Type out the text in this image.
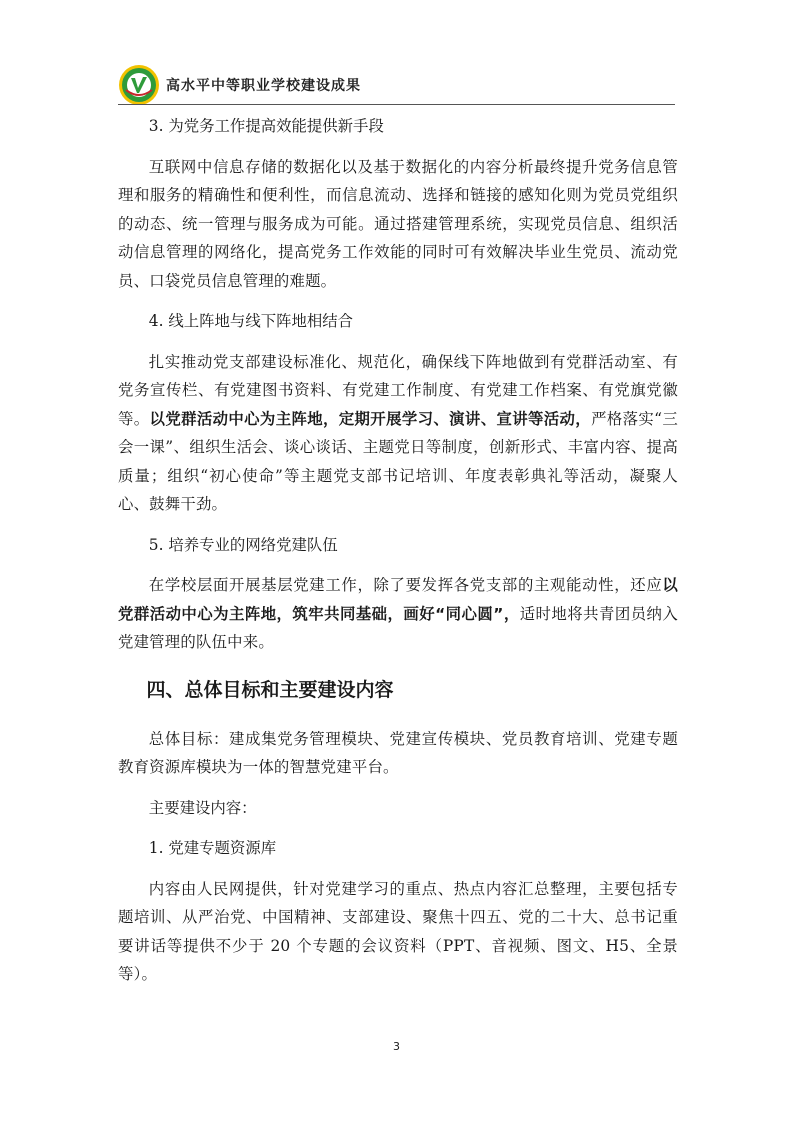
高水平中等职业学校建设成果

3. 为党务工作提高效能提供新手段

互联网中信息存储的数据化以及基于数据化的内容分析最终提升党务信息管理和服务的精确性和便利性，而信息流动、选择和链接的感知化则为党员党组织的动态、统一管理与服务成为可能。通过搭建管理系统，实现党员信息、组织活动信息管理的网络化，提高党务工作效能的同时可有效解决毕业生党员、流动党员、口袋党员信息管理的难题。

4. 线上阵地与线下阵地相结合

扎实推动党支部建设标准化、规范化，确保线下阵地做到有党群活动室、有党务宣传栏、有党建图书资料、有党建工作制度、有党建工作档案、有党旗党徽等。以党群活动中心为主阵地，定期开展学习、演讲、宣讲等活动，严格落实“三会一课”、组织生活会、谈心谈话、主题党日等制度，创新形式、丰富内容、提高质量；组织“初心使命”等主题党支部书记培训、年度表彰典礼等活动，凝聚人心、鼓舞干劲。

5. 培养专业的网络党建队伍

在学校层面开展基层党建工作，除了要发挥各党支部的主观能动性，还应以党群活动中心为主阵地，筑牢共同基础，画好“同心圆”，适时地将共青团员纳入党建管理的队伍中来。

四、总体目标和主要建设内容

总体目标：建成集党务管理模块、党建宣传模块、党员教育培训、党建专题教育资源库模块为一体的智慧党建平台。

主要建设内容：

1. 党建专题资源库

内容由人民网提供，针对党建学习的重点、热点内容汇总整理，主要包括专题培训、从严治党、中国精神、支部建设、聚焦十四五、党的二十大、总书记重要讲话等提供不少于 20 个专题的会议资料（PPT、音视频、图文、H5、全景等）。

3
